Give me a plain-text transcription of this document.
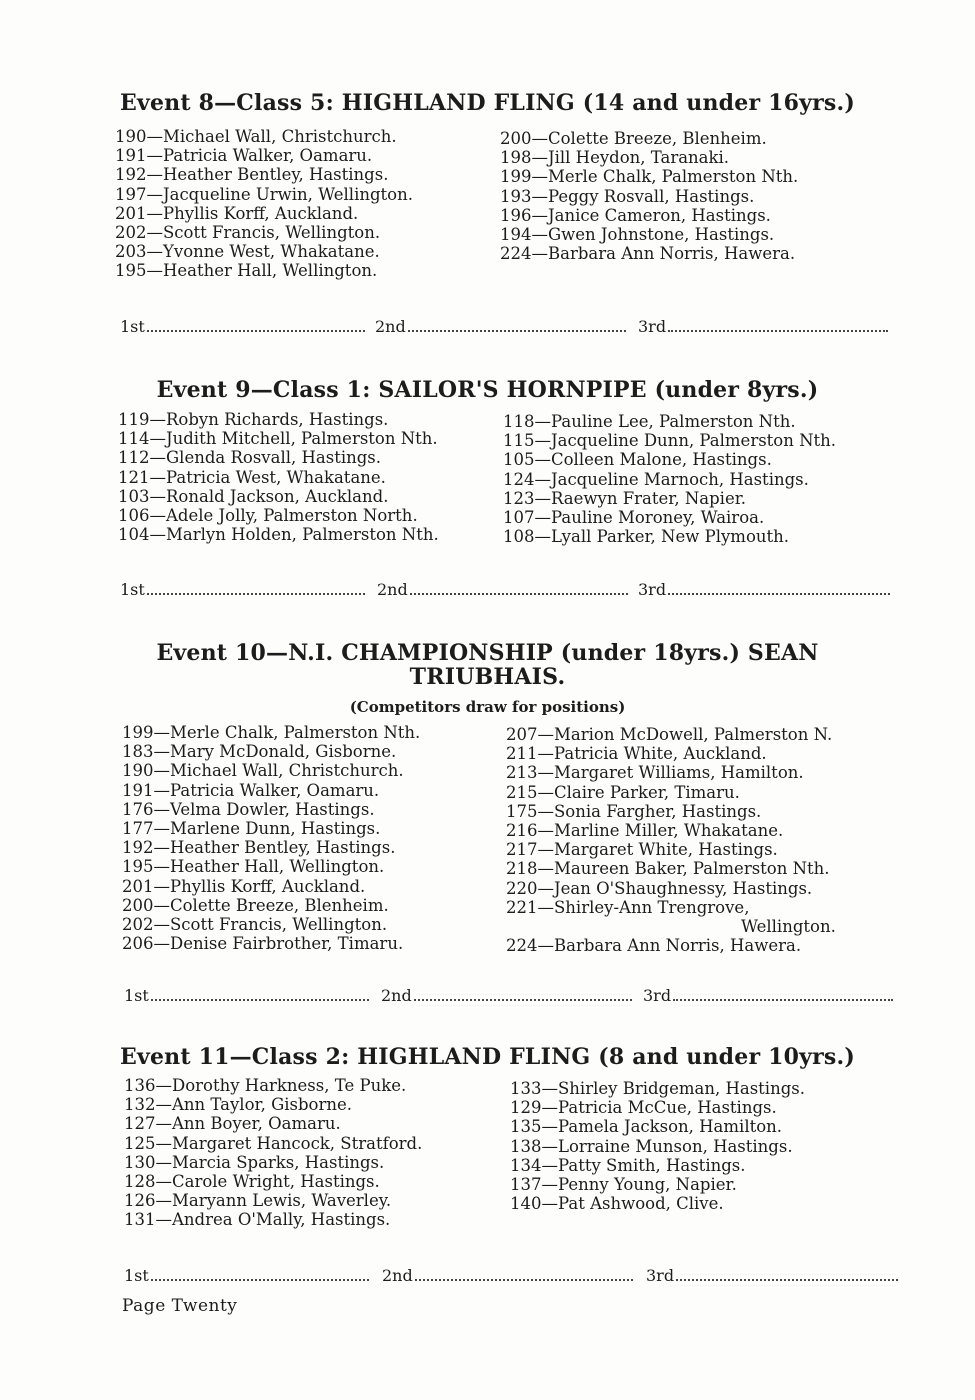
Event 8—Class 5: HIGHLAND FLING (14 and under 16yrs.)
190—Michael Wall, Christchurch.
191—Patricia Walker, Oamaru.
192—Heather Bentley, Hastings.
197—Jacqueline Urwin, Wellington.
201—Phyllis Korff, Auckland.
202—Scott Francis, Wellington.
203—Yvonne West, Whakatane.
195—Heather Hall, Wellington.
200—Colette Breeze, Blenheim.
198—Jill Heydon, Taranaki.
199—Merle Chalk, Palmerston Nth.
193—Peggy Rosvall, Hastings.
196—Janice Cameron, Hastings.
194—Gwen Johnstone, Hastings.
224—Barbara Ann Norris, Hawera.
1st	2nd	3rd
Event 9—Class 1: SAILOR'S HORNPIPE (under 8yrs.)
119—Robyn Richards, Hastings.
114—Judith Mitchell, Palmerston Nth.
112—Glenda Rosvall, Hastings.
121—Patricia West, Whakatane.
103—Ronald Jackson, Auckland.
106—Adele Jolly, Palmerston North.
104—Marlyn Holden, Palmerston Nth.
118—Pauline Lee, Palmerston Nth.
115—Jacqueline Dunn, Palmerston Nth.
105—Colleen Malone, Hastings.
124—Jacqueline Marnoch, Hastings.
123—Raewyn Frater, Napier.
107—Pauline Moroney, Wairoa.
108—Lyall Parker, New Plymouth.
1st	2nd	3rd
Event 10—N.I. CHAMPIONSHIP (under 18yrs.) SEAN
TRIUBHAIS.
(Competitors draw for positions)
199—Merle Chalk, Palmerston Nth.
183—Mary McDonald, Gisborne.
190—Michael Wall, Christchurch.
191—Patricia Walker, Oamaru.
176—Velma Dowler, Hastings.
177—Marlene Dunn, Hastings.
192—Heather Bentley, Hastings.
195—Heather Hall, Wellington.
201—Phyllis Korff, Auckland.
200—Colette Breeze, Blenheim.
202—Scott Francis, Wellington.
206—Denise Fairbrother, Timaru.
207—Marion McDowell, Palmerston N.
211—Patricia White, Auckland.
213—Margaret Williams, Hamilton.
215—Claire Parker, Timaru.
175—Sonia Fargher, Hastings.
216—Marline Miller, Whakatane.
217—Margaret White, Hastings.
218—Maureen Baker, Palmerston Nth.
220—Jean O'Shaughnessy, Hastings.
221—Shirley-Ann Trengrove,
Wellington.
224—Barbara Ann Norris, Hawera.
1st	2nd	3rd
Event 11—Class 2: HIGHLAND FLING (8 and under 10yrs.)
136—Dorothy Harkness, Te Puke.
132—Ann Taylor, Gisborne.
127—Ann Boyer, Oamaru.
125—Margaret Hancock, Stratford.
130—Marcia Sparks, Hastings.
128—Carole Wright, Hastings.
126—Maryann Lewis, Waverley.
131—Andrea O'Mally, Hastings.
133—Shirley Bridgeman, Hastings.
129—Patricia McCue, Hastings.
135—Pamela Jackson, Hamilton.
138—Lorraine Munson, Hastings.
134—Patty Smith, Hastings.
137—Penny Young, Napier.
140—Pat Ashwood, Clive.
1st	2nd	3rd
Page Twenty
